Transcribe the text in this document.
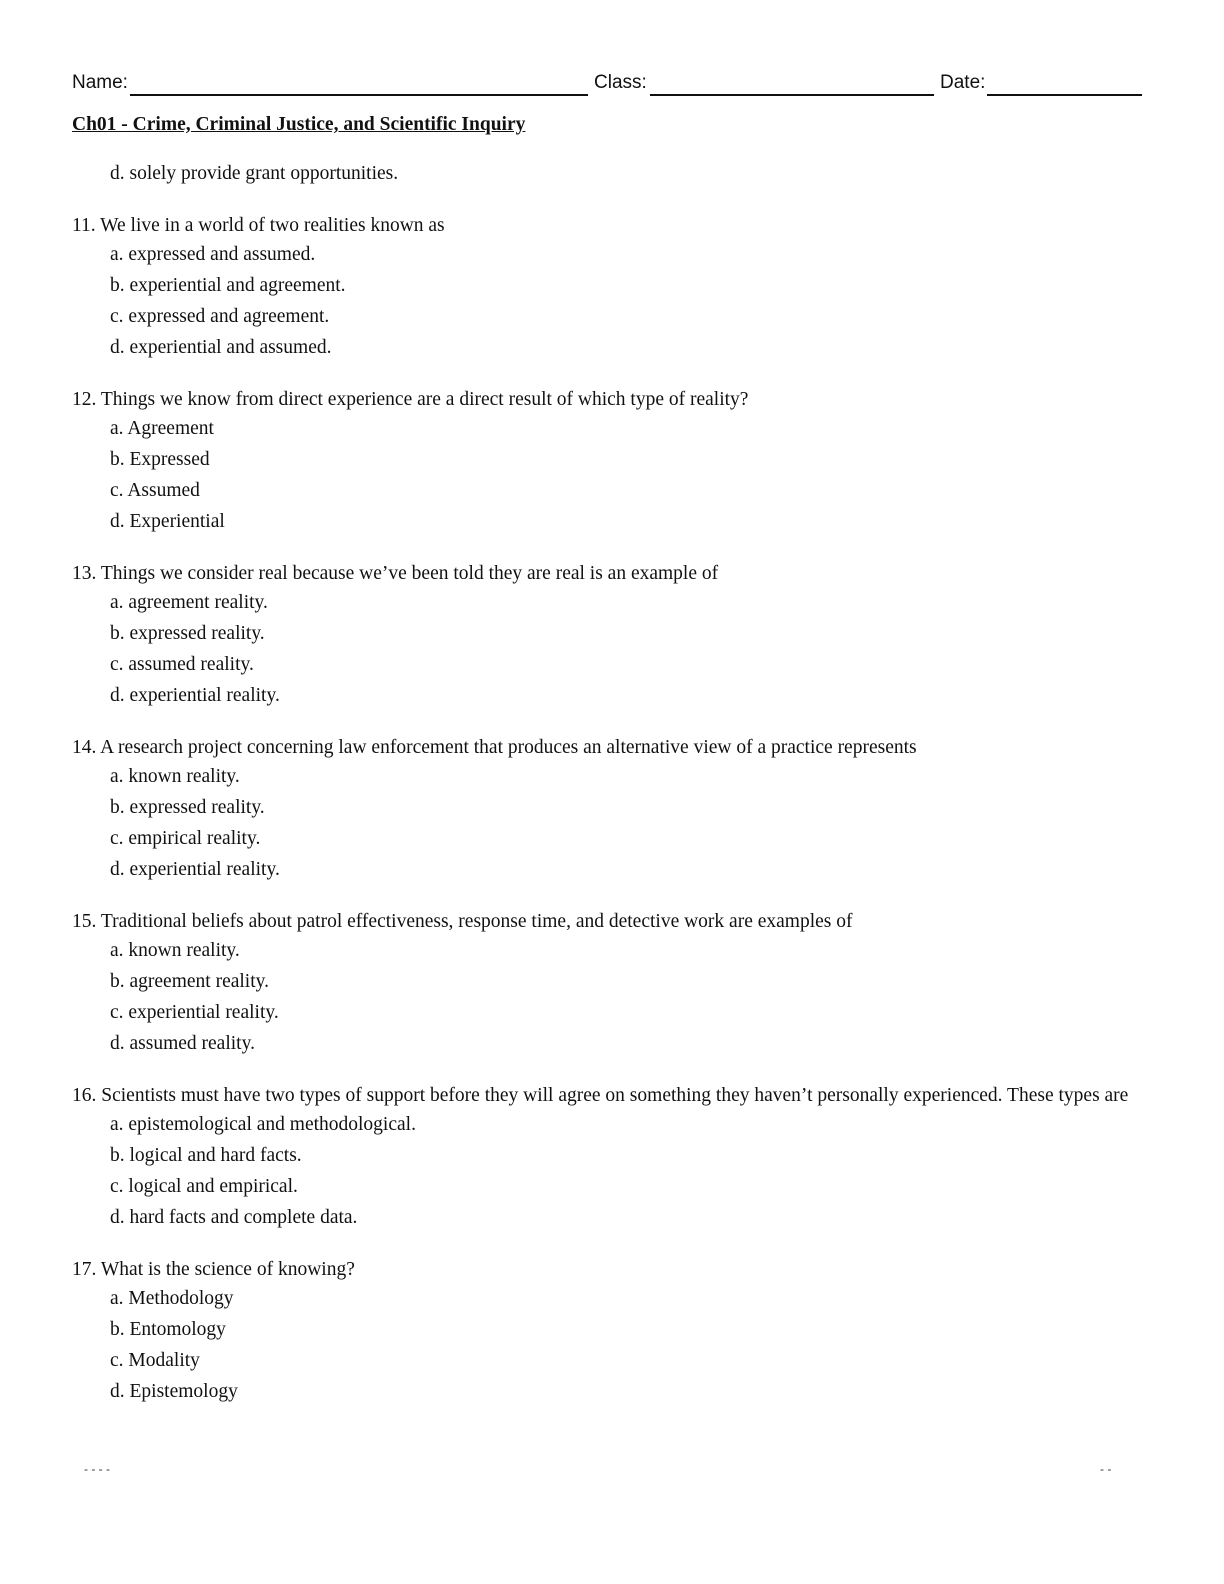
Name:	Class:	Date:
Ch01 - Crime, Criminal Justice, and Scientific Inquiry
d. solely provide grant opportunities.
11. We live in a world of two realities known as
a. expressed and assumed.
b. experiential and agreement.
c. expressed and agreement.
d. experiential and assumed.
12. Things we know from direct experience are a direct result of which type of reality?
a. Agreement
b. Expressed
c. Assumed
d. Experiential
13. Things we consider real because we’ve been told they are real is an example of
a. agreement reality.
b. expressed reality.
c. assumed reality.
d. experiential reality.
14. A research project concerning law enforcement that produces an alternative view of a practice represents
a. known reality.
b. expressed reality.
c. empirical reality.
d. experiential reality.
15. Traditional beliefs about patrol effectiveness, response time, and detective work are examples of
a. known reality.
b. agreement reality.
c. experiential reality.
d. assumed reality.
16. Scientists must have two types of support before they will agree on something they haven’t personally experienced. These types are
a. epistemological and methodological.
b. logical and hard facts.
c. logical and empirical.
d. hard facts and complete data.
17. What is the science of knowing?
a. Methodology
b. Entomology
c. Modality
d. Epistemology
- - - -	- -
